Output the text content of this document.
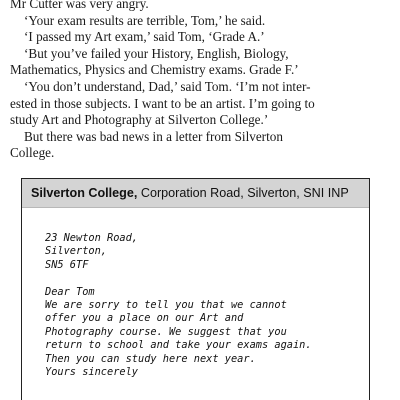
Mr Cutter was very angry.

‘Your exam results are terrible, Tom,’ he said.

‘I passed my Art exam,’ said Tom, ‘Grade A.’

‘But you’ve failed your History, English, Biology,

Mathematics, Physics and Chemistry exams. Grade F.’

‘You don’t understand, Dad,’ said Tom. ‘I’m not inter-

ested in those subjects. I want to be an artist. I’m going to

study Art and Photography at Silverton College.’

But there was bad news in a letter from Silverton

College.

Silverton College, Corporation Road, Silverton, SNI INP
23 Newton Road,
Silverton,
SN5 6TF
Dear Tom
We are sorry to tell you that we cannot
offer you a place on our Art and
Photography course. We suggest that you
return to school and take your exams again.
Then you can study here next year.
Yours sincerely
